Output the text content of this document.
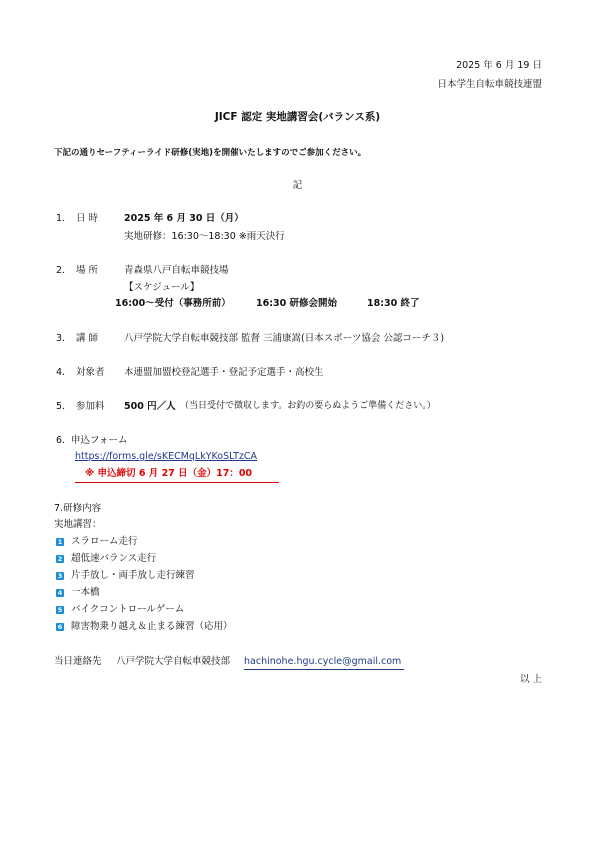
2025 年 6 月 19 日
日本学生自転車競技連盟
JICF 認定 実地講習会(バランス系)
下記の通りセーフティーライド研修(実地)を開催いたしますのでご参加ください。
記
1． 日 時	2025 年 6 月 30 日（月）
実地研修：16:30～18:30 ※雨天決行
2． 場 所	青森県八戸自転車競技場
【スケジュール】
16:00～受付（事務所前）	16:30 研修会開始	18:30 終了
3． 講 師	八戸学院大学自転車競技部 監督 三浦康嵩(日本スポーツ協会 公認コーチ３)
4． 対象者 本連盟加盟校登記選手・登記予定選手・高校生
5． 参加料 500 円／人 （当日受付で徴収します。お釣の要らぬようご準備ください。）
6． 申込フォーム
https://forms.gle/sKECMqLkYKoSLTzCA
※ 申込締切 6 月 27 日（金）17：00
7.研修内容
実地講習：
1 スラローム走行
2 超低速バランス走行
3 片手放し・両手放し走行練習
4 一本橋
5 バイクコントロールゲーム
6 障害物乗り越え＆止まる練習（応用）
当日連絡先 八戸学院大学自転車競技部 hachinohe.hgu.cycle@gmail.com
以 上
